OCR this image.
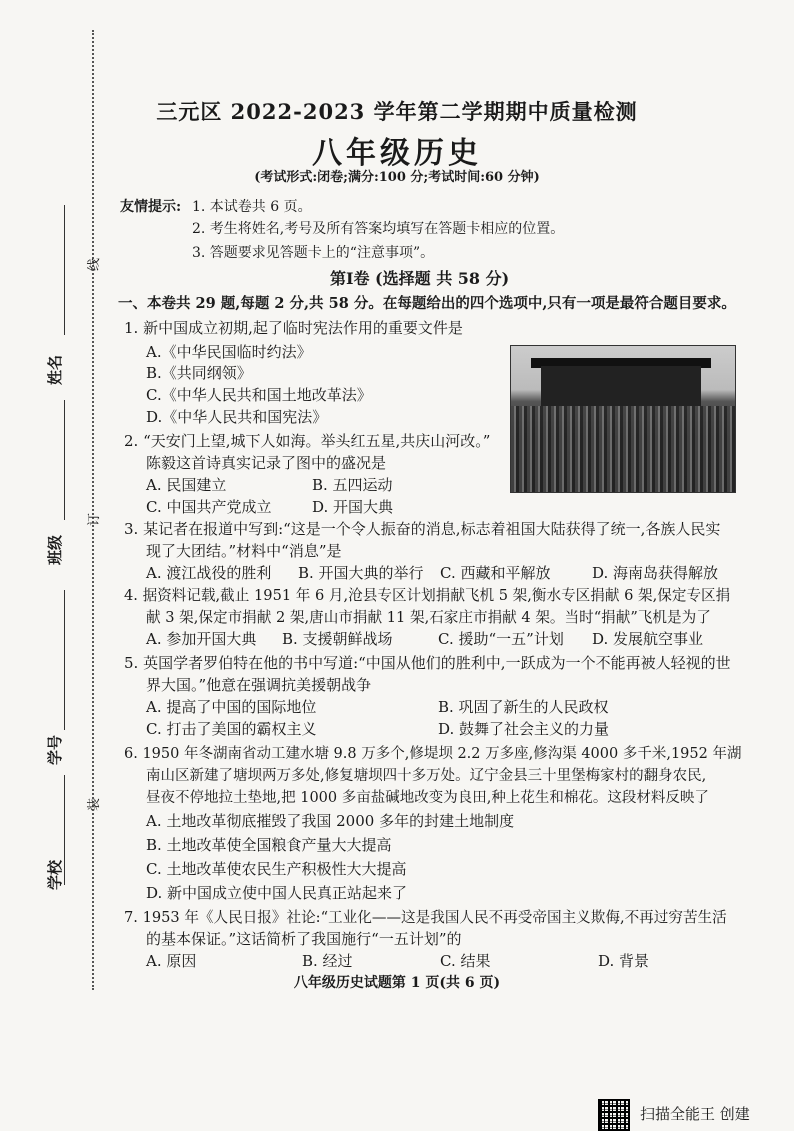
姓名
班级
学号
学校
线
订
装
三元区 2022-2023 学年第二学期期中质量检测
八年级历史
(考试形式:闭卷;满分:100 分;考试时间:60 分钟)
友情提示: 1. 本试卷共 6 页。
2. 考生将姓名,考号及所有答案均填写在答题卡相应的位置。
3. 答题要求见答题卡上的“注意事项”。
第Ⅰ卷 (选择题 共 58 分)
一、本卷共 29 题,每题 2 分,共 58 分。在每题给出的四个选项中,只有一项是最符合题目要求。
1. 新中国成立初期,起了临时宪法作用的重要文件是
A.《中华民国临时约法》
B.《共同纲领》
C.《中华人民共和国土地改革法》
D.《中华人民共和国宪法》
2. “天安门上望,城下人如海。举头红五星,共庆山河改。”
陈毅这首诗真实记录了图中的盛况是
A. 民国建立	B. 五四运动
C. 中国共产党成立	D. 开国大典
3. 某记者在报道中写到:“这是一个令人振奋的消息,标志着祖国大陆获得了统一,各族人民实
现了大团结。”材料中“消息”是
A. 渡江战役的胜利 B. 开国大典的举行 C. 西藏和平解放	D. 海南岛获得解放
4. 据资料记载,截止 1951 年 6 月,沧县专区计划捐献飞机 5 架,衡水专区捐献 6 架,保定专区捐
献 3 架,保定市捐献 2 架,唐山市捐献 11 架,石家庄市捐献 4 架。当时“捐献”飞机是为了
A. 参加开国大典 B. 支援朝鲜战场	C. 援助“一五”计划 D. 发展航空事业
5. 英国学者罗伯特在他的书中写道:“中国从他们的胜利中,一跃成为一个不能再被人轻视的世
界大国。”他意在强调抗美援朝战争
A. 提高了中国的国际地位	B. 巩固了新生的人民政权
C. 打击了美国的霸权主义	D. 鼓舞了社会主义的力量
6. 1950 年冬湖南省动工建水塘 9.8 万多个,修堤坝 2.2 万多座,修沟渠 4000 多千米,1952 年湖
南山区新建了塘坝两万多处,修复塘坝四十多万处。辽宁金县三十里堡梅家村的翻身农民,
昼夜不停地拉土垫地,把 1000 多亩盐碱地改变为良田,种上花生和棉花。这段材料反映了
A. 土地改革彻底摧毁了我国 2000 多年的封建土地制度
B. 土地改革使全国粮食产量大大提高
C. 土地改革使农民生产积极性大大提高
D. 新中国成立使中国人民真正站起来了
7. 1953 年《人民日报》社论:“工业化——这是我国人民不再受帝国主义欺侮,不再过穷苦生活
的基本保证。”这话简析了我国施行“一五计划”的
A. 原因	B. 经过	C. 结果	D. 背景
八年级历史试题第 1 页(共 6 页)
扫描全能王 创建
